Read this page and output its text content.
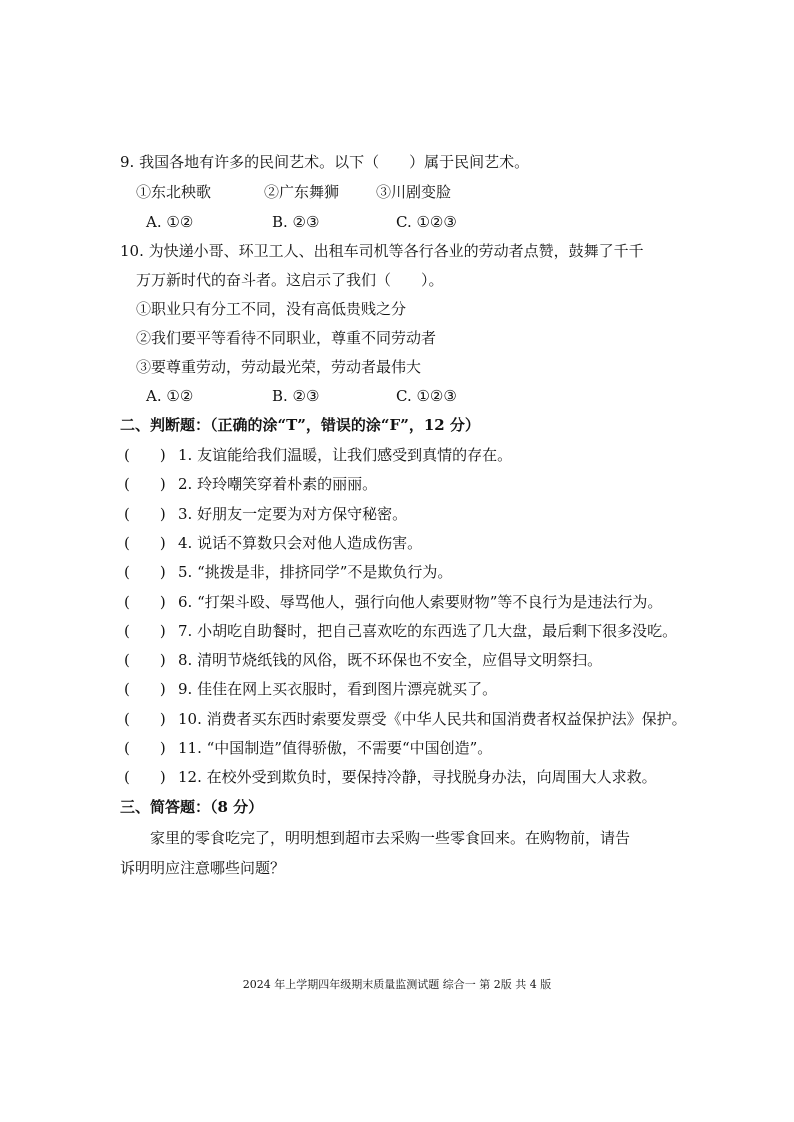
9. 我国各地有许多的民间艺术。以下（　　）属于民间艺术。
①东北秧歌	②广东舞狮 ③川剧变脸
A. ①②	B. ②③	C. ①②③
10. 为快递小哥、环卫工人、出租车司机等各行各业的劳动者点赞，鼓舞了千千
万万新时代的奋斗者。这启示了我们（　　）。
①职业只有分工不同，没有高低贵贱之分
②我们要平等看待不同职业，尊重不同劳动者
③要尊重劳动，劳动最光荣，劳动者最伟大
A. ①②	B. ②③	C. ①②③
二、判断题：（正确的涂“T”，错误的涂“F”，12 分）
(　　) 1. 友谊能给我们温暖，让我们感受到真情的存在。
(　　) 2. 玲玲嘲笑穿着朴素的丽丽。
(　　) 3. 好朋友一定要为对方保守秘密。
(　　) 4. 说话不算数只会对他人造成伤害。
(　　) 5. “挑拨是非，排挤同学”不是欺负行为。
(　　) 6. “打架斗殴、辱骂他人，强行向他人索要财物”等不良行为是违法行为。
(　　) 7. 小胡吃自助餐时，把自己喜欢吃的东西选了几大盘，最后剩下很多没吃。
(　　) 8. 清明节烧纸钱的风俗，既不环保也不安全，应倡导文明祭扫。
(　　) 9. 佳佳在网上买衣服时，看到图片漂亮就买了。
(　　) 10. 消费者买东西时索要发票受《中华人民共和国消费者权益保护法》保护。
(　　) 11. “中国制造”值得骄傲，不需要“中国创造”。
(　　) 12. 在校外受到欺负时，要保持冷静，寻找脱身办法，向周围大人求救。
三、简答题：（8 分）
家里的零食吃完了，明明想到超市去采购一些零食回来。在购物前，请告
诉明明应注意哪些问题？
2024 年上学期四年级期末质量监测试题 综合一 第 2版 共 4 版
